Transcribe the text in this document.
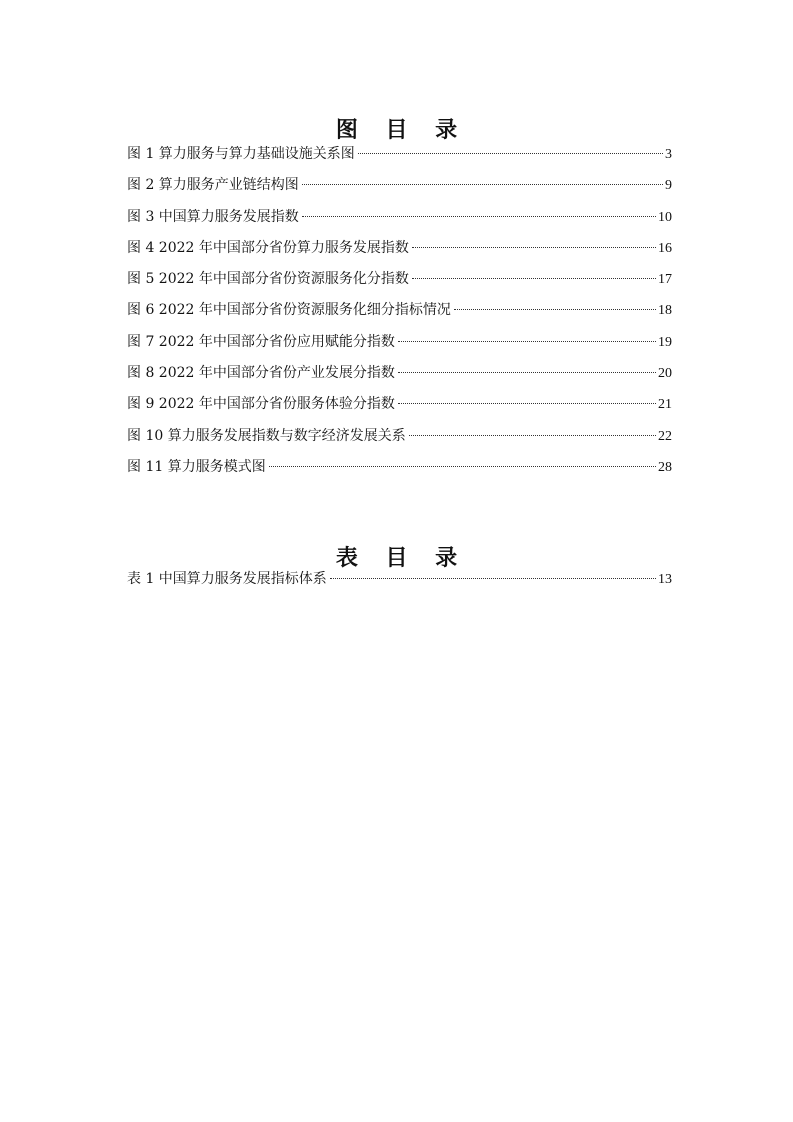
图 目 录
图 1 算力服务与算力基础设施关系图	3
图 2 算力服务产业链结构图	9
图 3 中国算力服务发展指数	10
图 4 2022 年中国部分省份算力服务发展指数	16
图 5 2022 年中国部分省份资源服务化分指数	17
图 6 2022 年中国部分省份资源服务化细分指标情况	18
图 7 2022 年中国部分省份应用赋能分指数	19
图 8 2022 年中国部分省份产业发展分指数	20
图 9 2022 年中国部分省份服务体验分指数	21
图 10 算力服务发展指数与数字经济发展关系	22
图 11 算力服务模式图	28
表 目 录
表 1 中国算力服务发展指标体系	13
